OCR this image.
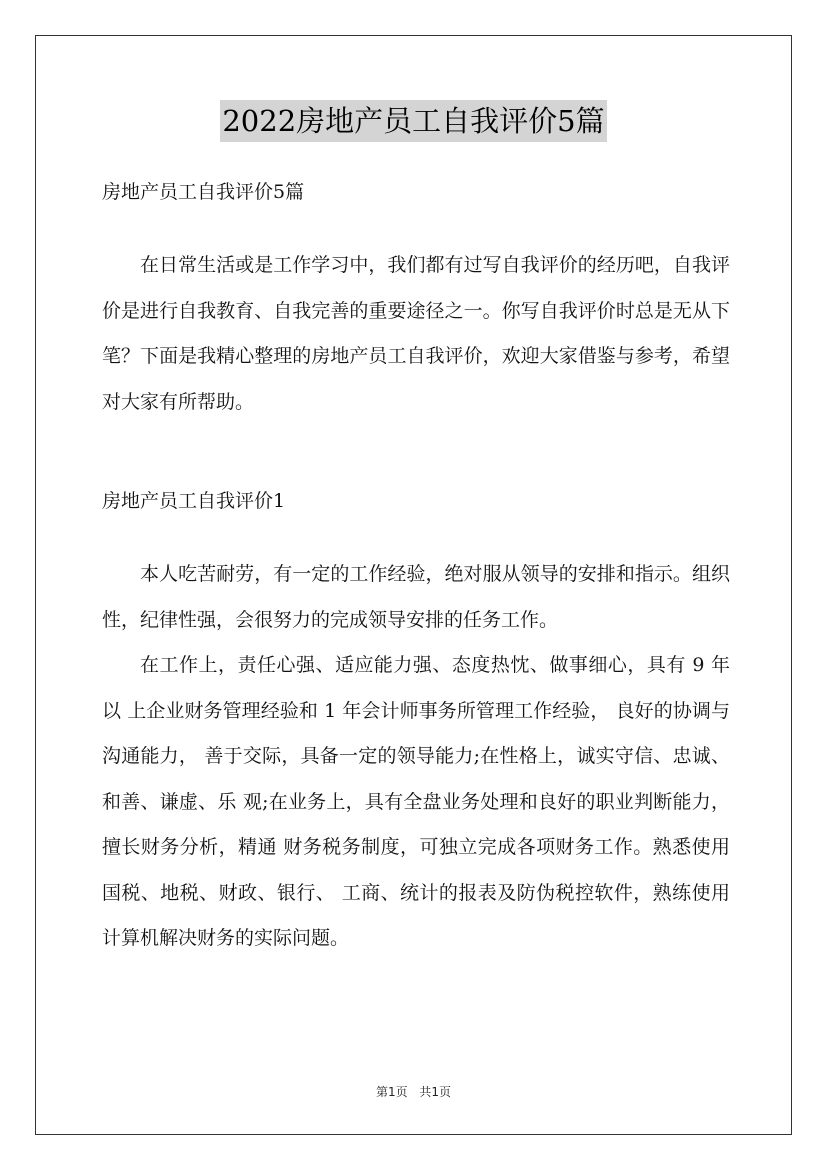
2022房地产员工自我评价5篇

房地产员工自我评价5篇

在日常生活或是工作学习中，我们都有过写自我评价的经历吧，自我评价是进行自我教育、自我完善的重要途径之一。你写自我评价时总是无从下笔？下面是我精心整理的房地产员工自我评价，欢迎大家借鉴与参考，希望对大家有所帮助。

房地产员工自我评价1

本人吃苦耐劳，有一定的工作经验，绝对服从领导的安排和指示。组织 性，纪律性强，会很努力的完成领导安排的任务工作。

在工作上，责任心强、适应能力强、态度热忱、做事细心，具有 9 年以 上企业财务管理经验和 1 年会计师事务所管理工作经验， 良好的协调与沟通能力， 善于交际，具备一定的领导能力;在性格上，诚实守信、忠诚、和善、谦虚、乐 观;在业务上，具有全盘业务处理和良好的职业判断能力，擅长财务分析，精通 财务税务制度，可独立完成各项财务工作。熟悉使用国税、地税、财政、银行、 工商、统计的报表及防伪税控软件，熟练使用计算机解决财务的实际问题。

第1页 共1页
